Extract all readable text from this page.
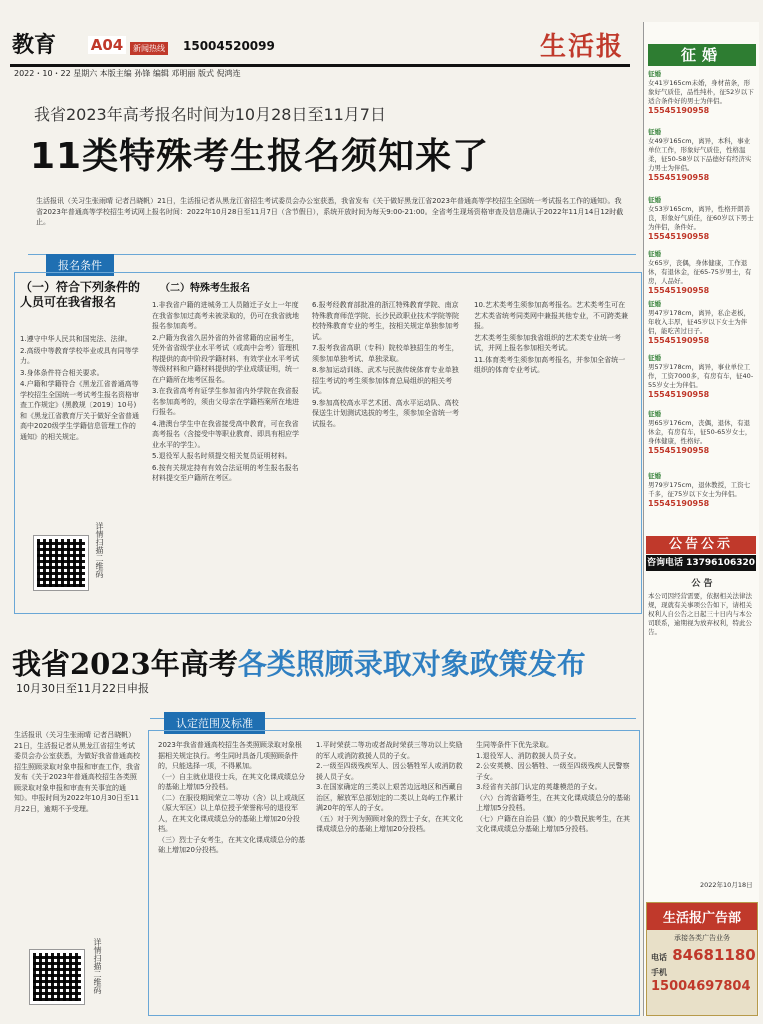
教育 A04	新闻热线 15004520099	生活报
2022・10・22 星期六 本版主编 孙锋 编辑 邓明丽 版式 倪鸿连
我省2023年高考报名时间为10月28日至11月7日
11类特殊考生报名须知来了
生活报讯（关习生张雨晴 记者吕晓帆）21日，生活报记者从黑龙江省招生考试委员会办公室获悉，我省发布《关于做好黑龙江省2023年普通高等学校招生全国统一考试报名工作的通知》。我省2023年普通高等学校招生考试网上报名时间：2022年10月28日至11月7日（含节假日），系统开放时间为每天9:00-21:00。全省考生现场资格审查及信息确认于2022年11月14日12时截止。
报名条件
（一）符合下列条件的人员可在我省报名

1.遵守中华人民共和国宪法、法律。

2.高级中等教育学校毕业或具有同等学力。

3.身体条件符合相关要求。

4.户籍和学籍符合《黑龙江省普通高等学校招生全国统一考试考生报名资格审查工作规定》(黑教规〔2019〕10号)和《黑龙江省教育厅关于做好全省普通高中2020级学生学籍信息管理工作的通知》的相关规定。

详情扫描二维码
（二）特殊考生报名

1.非我省户籍的进城务工人员随迁子女上一年度在我省参加过高考未被录取的，仍可在我省就地报名参加高考。

2.户籍为我省久居外省的外省常籍的应届考生，凭外省省级学业水平考试（或高中会考）管理机构提供的高中阶段学籍材料、有效学业水平考试等级材料和户籍材料提供的学业成绩证明，统一在户籍所在地考区报名。

3.在我省高考有证学生参加省内外学院在我省报名参加高考的，须由父母亲在学籍档案所在地进行报名。

4.港澳台学生中在我省接受高中教育，可在我省高考报名（含接受中等职业教育、即具有相应学业水平的学生）。

5.退役军人报名时须提交相关复员证明材料。

6.按有关规定持有有效合法证明的考生报名报名材料提交至户籍所在考区。

6.报考经教育部批准的浙江特殊教育学院、南京特殊教育师范学院、长沙民政职业技术学院等院校特殊教育专业的考生，按相关规定单独参加考试。

7.报考我省高职（专科）院校单独招生的考生，须参加单独考试、单独录取。

8.参加运动训练、武术与民族传统体育专业单独招生考试的考生须参加体育总局组织的相关考试。

9.参加高校高水平艺术团、高水平运动队、高校保送生计划测试选拔的考生，须参加全省统一考试报名。

10.艺术类考生须参加高考报名。艺术类考生可在艺术类省统考同类网中兼报其他专业，不可跨类兼报。

艺术类考生须参加我省组织的艺术类专业统一考试，并网上报名参加相关考试。

11.体育类考生须参加高考报名，并参加全省统一组织的体育专业考试。

我省2023年高考各类照顾录取对象政策发布
10月30日至11月22日申报
生活报讯（关习生张雨晴 记者吕晓帆）21日，生活报记者从黑龙江省招生考试委员会办公室获悉，为做好我省普通高校招生照顾录取对象申报和审查工作，我省发布《关于2023年普通高校招生各类照顾录取对象申报和审查有关事宜的通知》。申报时间为2022年10月30日至11月22日，逾期不予受理。
详情扫描二维码
认定范围及标准
2023年我省普通高校招生各类照顾录取对象根据相关规定执行。考生同时具备几项照顾条件的，只能选择一项，不得累加。
（一）自主就业退役士兵，在其文化课成绩总分的基础上增加5分投档。
（二）在服役期间荣立二等功（含）以上或战区（原大军区）以上单位授予荣誉称号的退役军人，在其文化课成绩总分的基础上增加20分投档。
（三）烈士子女考生，在其文化课成绩总分的基础上增加20分投档。
1.平时荣获二等功或者战时荣获三等功以上奖励的军人或消防救援人员的子女。
2.一级至四级残疾军人、因公牺牲军人或消防救援人员子女。
3.在国家确定的三类以上艰苦边远地区和西藏自治区，解放军总部划定的二类以上岛屿工作累计满20年的军人的子女。
（五）对于列为照顾对象的烈士子女，在其文化课成绩总分的基础上增加20分投档。
生同等条件下优先录取。
1.退役军人、消防救援人员子女。
2.公安英模、因公牺牲、一级至四级残疾人民警察子女。
3.经省有关部门认定的英雄模范的子女。
（六）台湾省籍考生，在其文化课成绩总分的基础上增加5分投档。
（七）户籍在自治县（旗）的少数民族考生，在其文化课成绩总分基础上增加5分投档。
征婚
征婚
女41岁165cm未婚，身材苗条，形象好气质佳，品性纯朴，征52岁以下适合条件好的男士为伴侣。
15545190958
征婚
女49岁165cm，离异，本科，事业单位工作，形象好气质佳，性格温柔，征50-58岁以下品德好有经济实力男士为伴侣。
15545190958
征婚
女53岁165cm，离异，性格开朗善良，形象好气质佳，征60岁以下男士为伴侣，条件好。
15545190958
征婚
女65岁，丧偶，身体健康，工作退休，有退休金，征65-75岁男士，有房，人品好。
15545190958
征婚
男47岁178cm，离异，私企老板，年收入丰厚，征45岁以下女士为伴侣，能吃苦过日子。
15545190958
征婚
男57岁178cm，离异，事业单位工作，工资7000多，有房有车，征40-55岁女士为伴侣。
15545190958
征婚
男65岁176cm，丧偶，退休，有退休金，有房有车，征50-65岁女士，身体健康，性格好。
15545190958
征婚
男79岁175cm，退休教授，工资七千多，征75岁以下女士为伴侣。
15545190958
公告公示
咨询电话 13796106320
公 告
本公司因经营需要，依据相关法律法规，现就有关事项公告如下，请相关权利人自公告之日起三十日内与本公司联系，逾期视为放弃权利，特此公告。
2022年10月18日
生活报广告部
承接各类广告业务
电话 84681180
手机 15004697804
